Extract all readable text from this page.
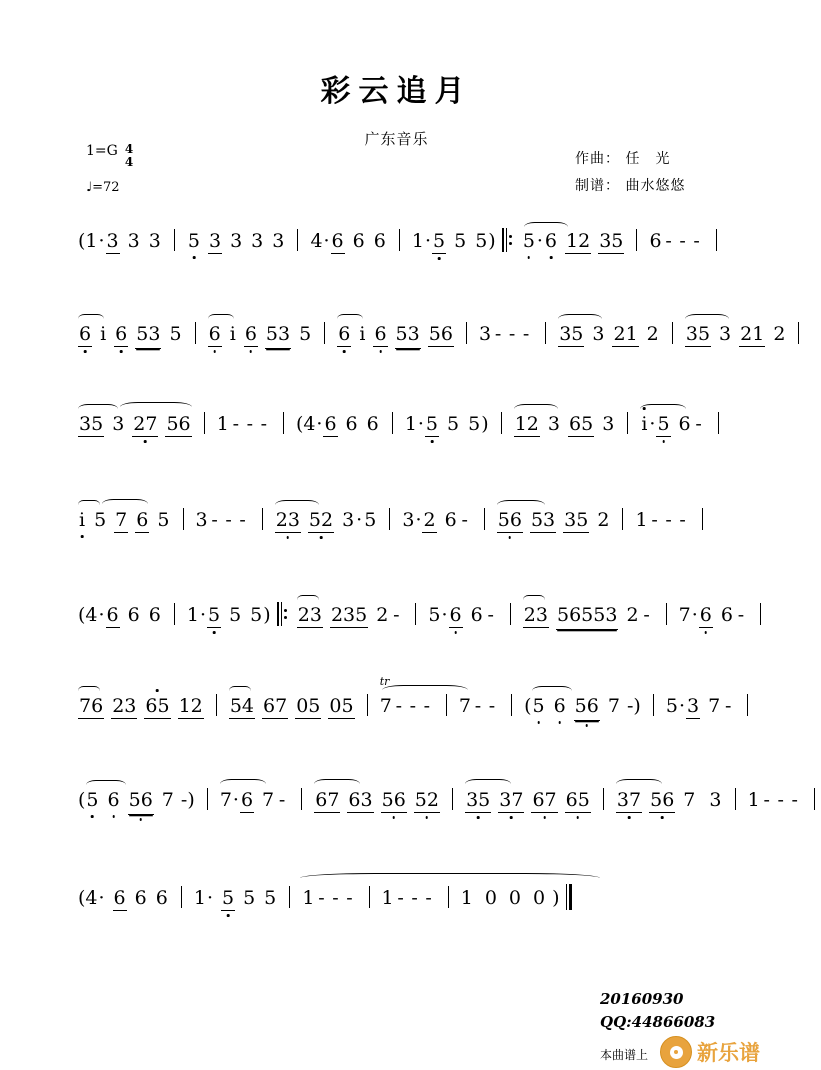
彩云追月
广东音乐
1=G 4
4
♩=72
作曲： 任　光
制谱： 曲水悠悠
(1· 3 3 3 5 3 3 3 3 4· 6 6 6 1· 5 5 5)
5 · 6 12 35 6 - - -
6 i 6 53 5 6 i 6 53 5 6 i 6 53 56 3 - - - 35 3 21 2 35 3 21 2
35 3 27 56 1 - - - (4· 6 6 6 1· 5 5 5) 12 3 65 3 i · 5 6 -
i 5 7 6 5 3 - - - 23 52 3 · 5 3· 2 6 - 56 53 35 2 1 - - -
(4· 6 6 6 1· 5 5 5)
23 235 2 - 5· 6 6 - 23 56553 2 - 7· 6 6 -
76 23 65 12 54 67 05 05
tr
7 - - - 7 - -
(5 6 56 7 -)  5· 3 7 -
(5 6 56 7 -)
7· 6 7 - 67 63 56 52 35 37 67 65 37 56 7 3 1 - - -
(4· 6 6 6 1· 5 5 5
1 - - - 1 - - - 1 0 0 0 )
20160930
QQ:44866083
本曲谱上 新乐谱
